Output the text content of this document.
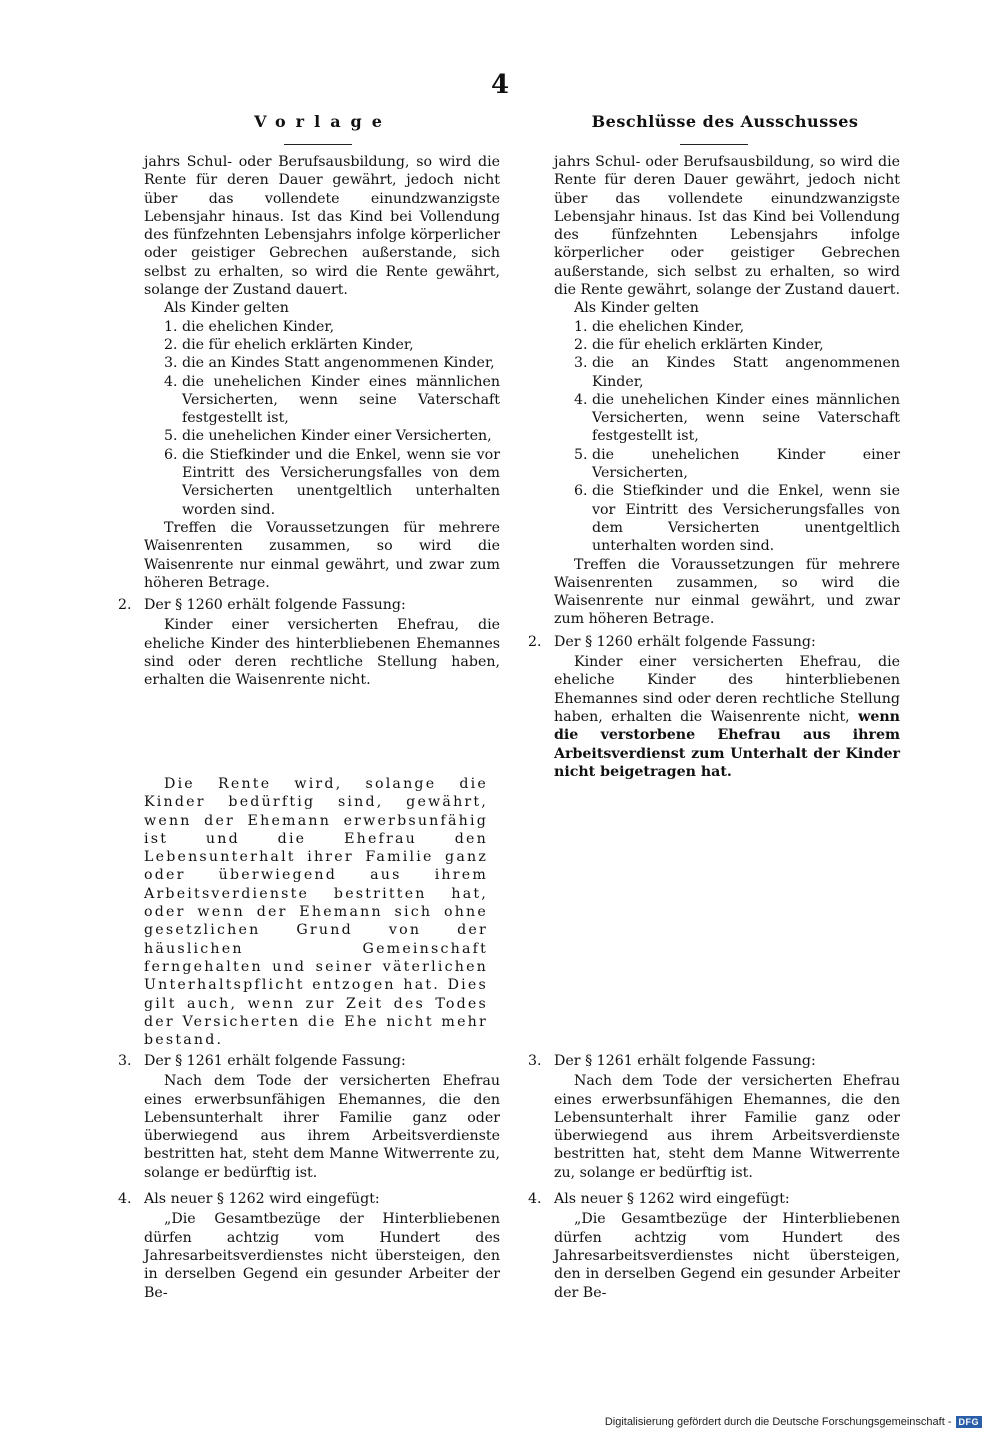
4
Vorlage
jahrs Schul- oder Berufsausbildung, so wird die Rente für deren Dauer gewährt, jedoch nicht über das vollendete einundzwanzigste Lebensjahr hinaus. Ist das Kind bei Vollendung des fünfzehnten Lebensjahrs infolge körperlicher oder geistiger Gebrechen außerstande, sich selbst zu erhalten, so wird die Rente gewährt, solange der Zustand dauert.
Als Kinder gelten
1. die ehelichen Kinder,
2. die für ehelich erklärten Kinder,
3. die an Kindes Statt angenommenen Kinder,
4. die unehelichen Kinder eines männlichen Versicherten, wenn seine Vaterschaft festgestellt ist,
5. die unehelichen Kinder einer Versicherten,
6. die Stiefkinder und die Enkel, wenn sie vor Eintritt des Versicherungsfalles von dem Versicherten unentgeltlich unterhalten worden sind.
Treffen die Voraussetzungen für mehrere Waisenrenten zusammen, so wird die Waisenrente nur einmal gewährt, und zwar zum höheren Betrage.
2. Der § 1260 erhält folgende Fassung:
Kinder einer versicherten Ehefrau, die eheliche Kinder des hinterbliebenen Ehemannes sind oder deren rechtliche Stellung haben, erhalten die Waisenrente nicht.
Die Rente wird, solange die Kinder bedürftig sind, gewährt, wenn der Ehemann erwerbsunfähig ist und die Ehefrau den Lebensunterhalt ihrer Familie ganz oder überwiegend aus ihrem Arbeitsverdienste bestritten hat, oder wenn der Ehemann sich ohne gesetzlichen Grund von der häuslichen Gemeinschaft ferngehalten und seiner väterlichen Unterhaltspflicht entzogen hat. Dies gilt auch, wenn zur Zeit des Todes der Versicherten die Ehe nicht mehr bestand.
3. Der § 1261 erhält folgende Fassung:
Nach dem Tode der versicherten Ehefrau eines erwerbsunfähigen Ehemannes, die den Lebensunterhalt ihrer Familie ganz oder überwiegend aus ihrem Arbeitsverdienste bestritten hat, steht dem Manne Witwerrente zu, solange er bedürftig ist.
4. Als neuer § 1262 wird eingefügt:
„Die Gesamtbezüge der Hinterbliebenen dürfen achtzig vom Hundert des Jahresarbeitsverdienstes nicht übersteigen, den in derselben Gegend ein gesunder Arbeiter der Be-
Beschlüsse des Ausschusses
jahrs Schul- oder Berufsausbildung, so wird die Rente für deren Dauer gewährt, jedoch nicht über das vollendete einundzwanzigste Lebensjahr hinaus. Ist das Kind bei Vollendung des fünfzehnten Lebensjahrs infolge körperlicher oder geistiger Gebrechen außerstande, sich selbst zu erhalten, so wird die Rente gewährt, solange der Zustand dauert.
Als Kinder gelten
1. die ehelichen Kinder,
2. die für ehelich erklärten Kinder,
3. die an Kindes Statt angenommenen Kinder,
4. die unehelichen Kinder eines männlichen Versicherten, wenn seine Vaterschaft festgestellt ist,
5. die unehelichen Kinder einer Versicherten,
6. die Stiefkinder und die Enkel, wenn sie vor Eintritt des Versicherungsfalles von dem Versicherten unentgeltlich unterhalten worden sind.
Treffen die Voraussetzungen für mehrere Waisenrenten zusammen, so wird die Waisenrente nur einmal gewährt, und zwar zum höheren Betrage.
2. Der § 1260 erhält folgende Fassung:
Kinder einer versicherten Ehefrau, die eheliche Kinder des hinterbliebenen Ehemannes sind oder deren rechtliche Stellung haben, erhalten die Waisenrente nicht, wenn die verstorbene Ehefrau aus ihrem Arbeitsverdienst zum Unterhalt der Kinder nicht beigetragen hat.
3. Der § 1261 erhält folgende Fassung:
Nach dem Tode der versicherten Ehefrau eines erwerbsunfähigen Ehemannes, die den Lebensunterhalt ihrer Familie ganz oder überwiegend aus ihrem Arbeitsverdienste bestritten hat, steht dem Manne Witwerrente zu, solange er bedürftig ist.
4. Als neuer § 1262 wird eingefügt:
„Die Gesamtbezüge der Hinterbliebenen dürfen achtzig vom Hundert des Jahresarbeitsverdienstes nicht übersteigen, den in derselben Gegend ein gesunder Arbeiter der Be-
Digitalisierung gefördert durch die Deutsche Forschungsgemeinschaft - DFG
